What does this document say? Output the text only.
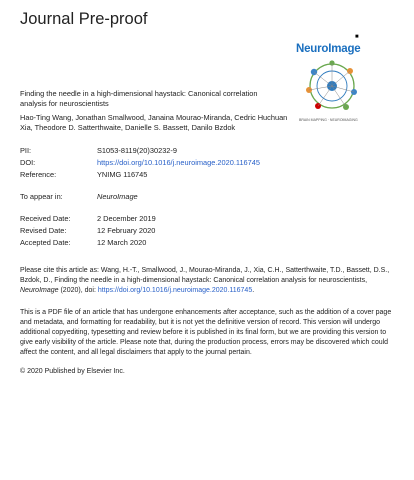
Journal Pre-proof
■
NeuroImage
BRAIN MAPPING · NEUROIMAGING
Finding the needle in a high-dimensional haystack: Canonical correlation analysis for neuroscientists
Hao-Ting Wang, Jonathan Smallwood, Janaina Mourao-Miranda, Cedric Huchuan Xia, Theodore D. Satterthwaite, Danielle S. Bassett, Danilo Bzdok
PII:	S1053-8119(20)30232-9
DOI:	https://doi.org/10.1016/j.neuroimage.2020.116745
Reference:	YNIMG 116745
To appear in:	NeuroImage
Received Date:	2 December 2019
Revised Date:	12 February 2020
Accepted Date:	12 March 2020
Please cite this article as: Wang, H.-T., Smallwood, J., Mourao-Miranda, J., Xia, C.H., Satterthwaite, T.D., Bassett, D.S., Bzdok, D., Finding the needle in a high-dimensional haystack: Canonical correlation analysis for neuroscientists, NeuroImage (2020), doi: https://doi.org/10.1016/j.neuroimage.2020.116745.
This is a PDF file of an article that has undergone enhancements after acceptance, such as the addition of a cover page and metadata, and formatting for readability, but it is not yet the definitive version of record. This version will undergo additional copyediting, typesetting and review before it is published in its final form, but we are providing this version to give early visibility of the article. Please note that, during the production process, errors may be discovered which could affect the content, and all legal disclaimers that apply to the journal pertain.
© 2020 Published by Elsevier Inc.
